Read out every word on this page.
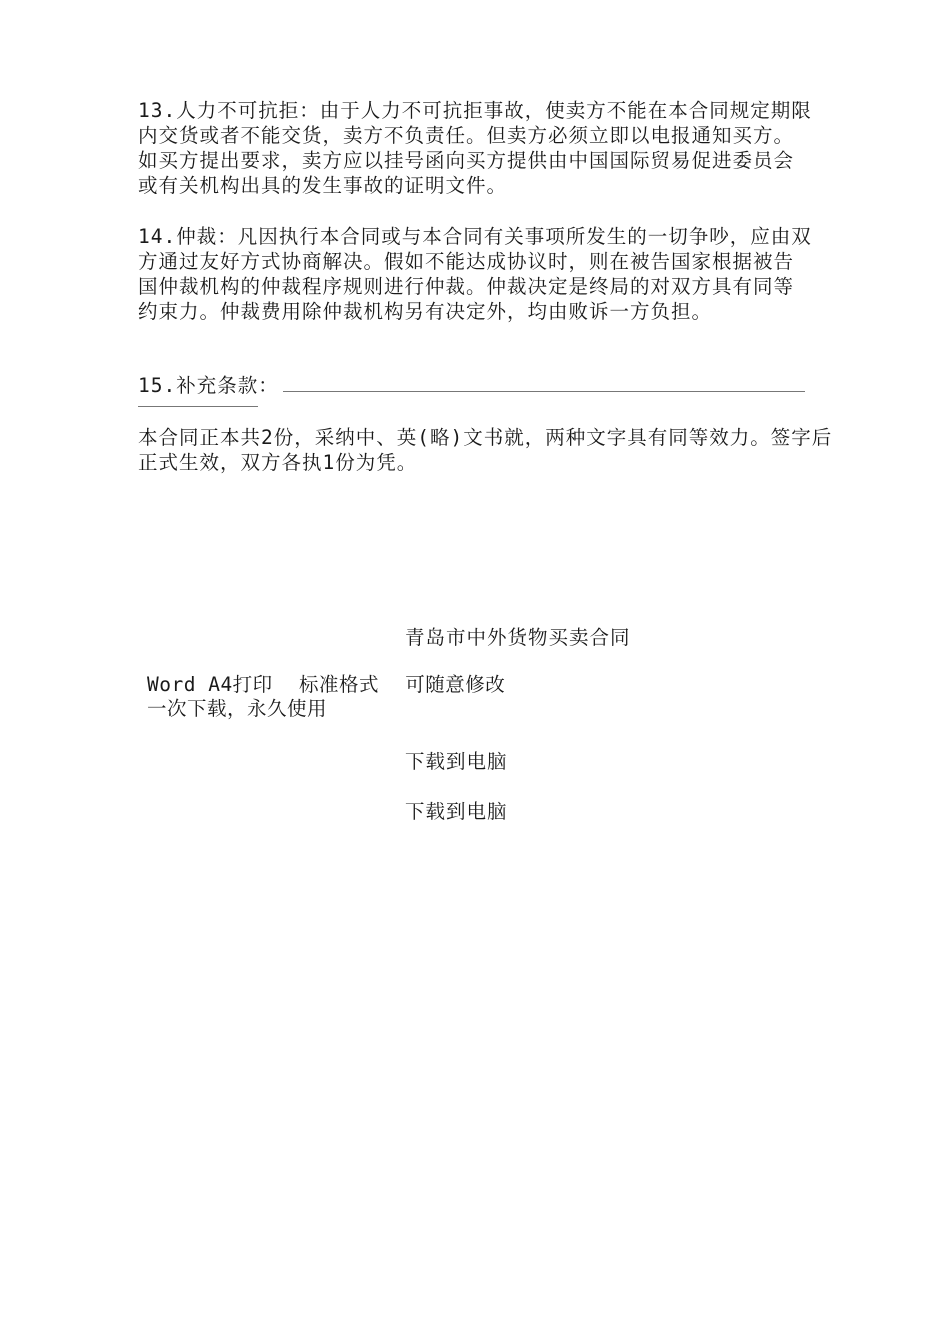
13.人力不可抗拒：由于人力不可抗拒事故，使卖方不能在本合同规定期限内交货或者不能交货，卖方不负责任。但卖方必须立即以电报通知买方。如买方提出要求，卖方应以挂号函向买方提供由中国国际贸易促进委员会或有关机构出具的发生事故的证明文件。
14.仲裁：凡因执行本合同或与本合同有关事项所发生的一切争吵，应由双方通过友好方式协商解决。假如不能达成协议时，则在被告国家根据被告国仲裁机构的仲裁程序规则进行仲裁。仲裁决定是终局的对双方具有同等约束力。仲裁费用除仲裁机构另有决定外，均由败诉一方负担。
15.补充条款：
本合同正本共2份，采纳中、英(略)文书就，两种文字具有同等效力。签字后正式生效，双方各执1份为凭。
青岛市中外货物买卖合同
Word A4打印 标准格式 可随意修改
一次下载，永久使用
下载到电脑
下载到电脑
